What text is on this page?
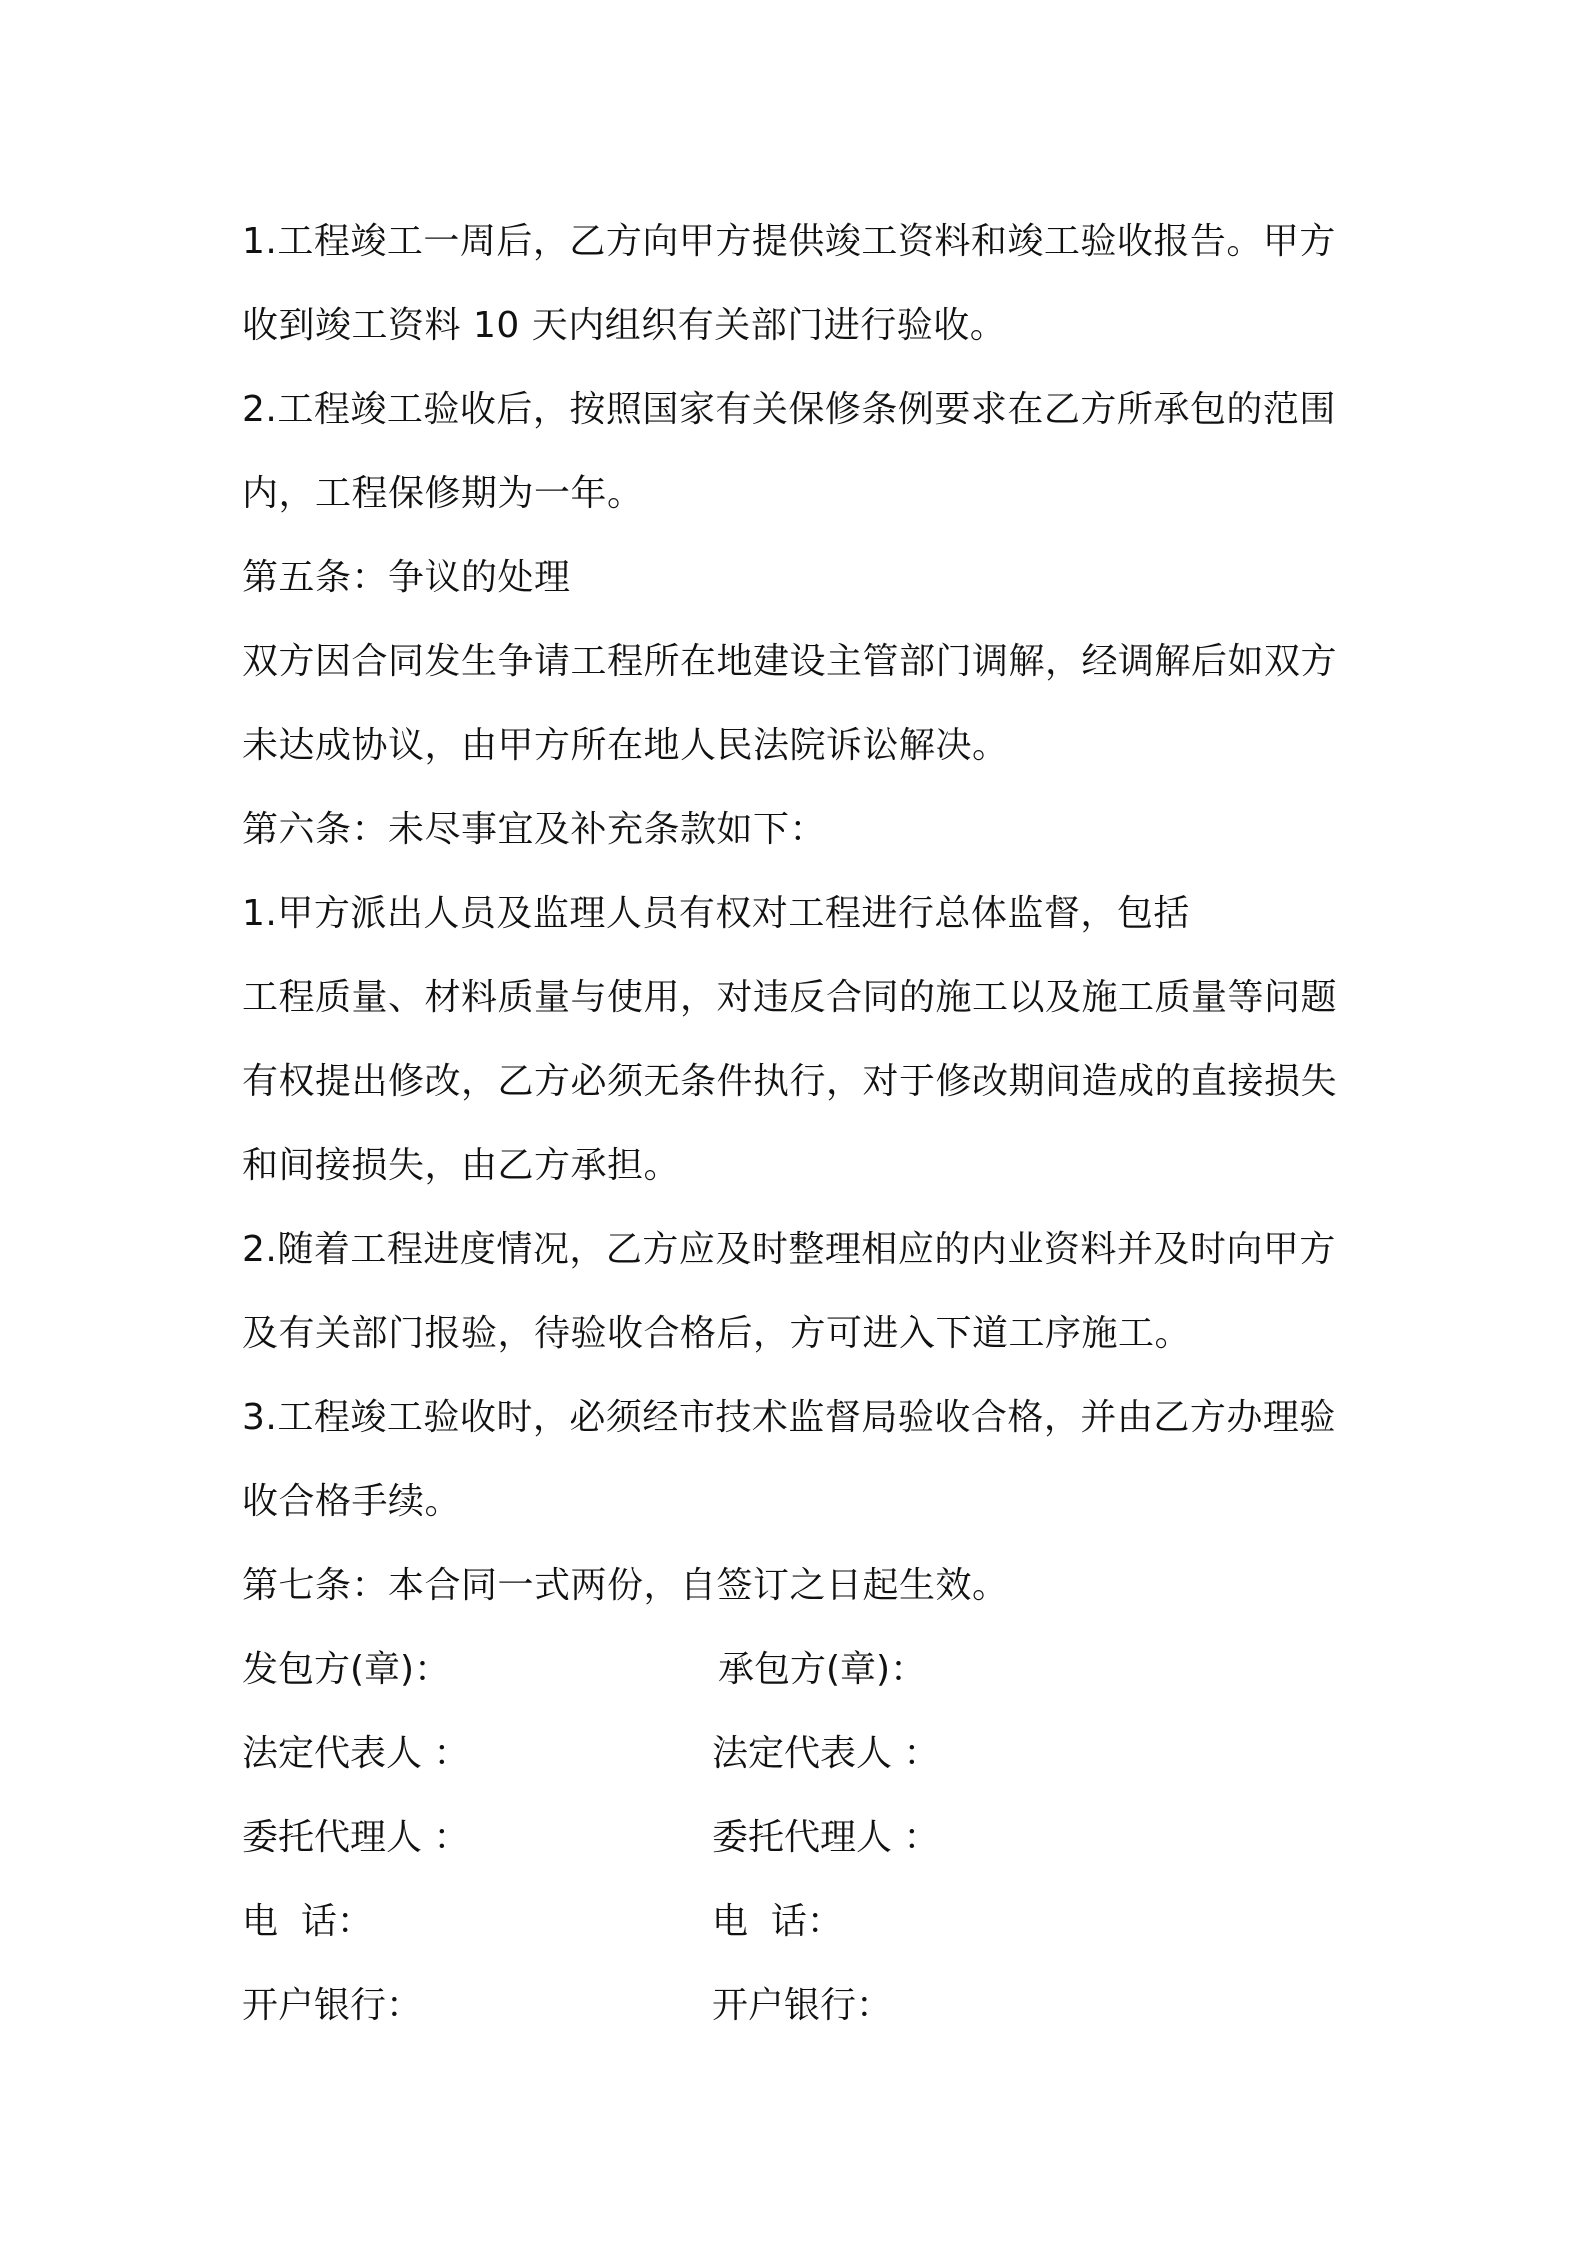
1.工程竣工一周后，乙方向甲方提供竣工资料和竣工验收报告。甲方
收到竣工资料 10 天内组织有关部门进行验收。
2.工程竣工验收后，按照国家有关保修条例要求在乙方所承包的范围
内，工程保修期为一年。
第五条：争议的处理
双方因合同发生争请工程所在地建设主管部门调解，经调解后如双方
未达成协议，由甲方所在地人民法院诉讼解决。
第六条：未尽事宜及补充条款如下：
1.甲方派出人员及监理人员有权对工程进行总体监督，包括
工程质量、材料质量与使用，对违反合同的施工以及施工质量等问题
有权提出修改，乙方必须无条件执行，对于修改期间造成的直接损失
和间接损失，由乙方承担。
2.随着工程进度情况，乙方应及时整理相应的内业资料并及时向甲方
及有关部门报验，待验收合格后，方可进入下道工序施工。
3.工程竣工验收时，必须经市技术监督局验收合格，并由乙方办理验
收合格手续。
第七条：本合同一式两份，自签订之日起生效。
发包方(章)：	承包方(章)：
法定代表人 ：	法定代表人 ：
委托代理人 ：	委托代理人 ：
电  话：	电  话：
开户银行：	开户银行：
